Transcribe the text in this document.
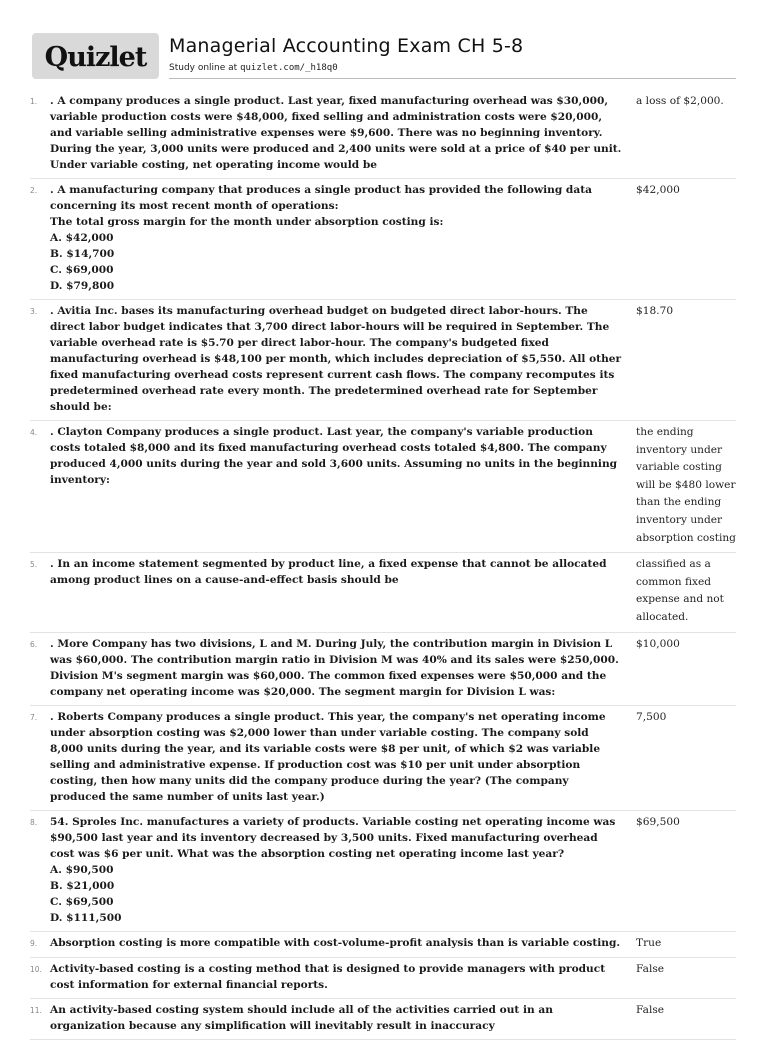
Quizlet	Managerial Accounting Exam CH 5-8
Study online at quizlet.com/_h18q0
1.	. A company produces a single product. Last year, fixed manufacturing overhead was $30,000, variable production costs were $48,000, fixed selling and administration costs were $20,000, and variable selling administrative expenses were $9,600. There was no beginning inventory. During the year, 3,000 units were produced and 2,400 units were sold at a price of $40 per unit. Under variable costing, net operating income would be
a loss of $2,000.
2.	. A manufacturing company that produces a single product has provided the following data concerning its most recent month of operations:
The total gross margin for the month under absorption costing is:
A. $42,000
B. $14,700
C. $69,000
D. $79,800
$42,000
3.	. Avitia Inc. bases its manufacturing overhead budget on budgeted direct labor-hours. The direct labor budget indicates that 3,700 direct labor-hours will be required in September. The variable overhead rate is $5.70 per direct labor-hour. The company's budgeted fixed manufacturing overhead is $48,100 per month, which includes depreciation of $5,550. All other fixed manufacturing overhead costs represent current cash flows. The company recomputes its predetermined overhead rate every month. The predetermined overhead rate for September should be:
$18.70
4.	. Clayton Company produces a single product. Last year, the company's variable production costs totaled $8,000 and its fixed manufacturing overhead costs totaled $4,800. The company produced 4,000 units during the year and sold 3,600 units. Assuming no units in the beginning inventory:
the ending inventory under variable costing will be $480 lower than the ending inventory under absorption costing
5.	. In an income statement segmented by product line, a fixed expense that cannot be allocated among product lines on a cause-and-effect basis should be
classified as a common fixed expense and not allocated.
6.	. More Company has two divisions, L and M. During July, the contribution margin in Division L was $60,000. The contribution margin ratio in Division M was 40% and its sales were $250,000. Division M's segment margin was $60,000. The common fixed expenses were $50,000 and the company net operating income was $20,000. The segment margin for Division L was:
$10,000
7.	. Roberts Company produces a single product. This year, the company's net operating income under absorption costing was $2,000 lower than under variable costing. The company sold 8,000 units during the year, and its variable costs were $8 per unit, of which $2 was variable selling and administrative expense. If production cost was $10 per unit under absorption costing, then how many units did the company produce during the year? (The company produced the same number of units last year.)
7,500
8.	54. Sproles Inc. manufactures a variety of products. Variable costing net operating income was $90,500 last year and its inventory decreased by 3,500 units. Fixed manufacturing overhead cost was $6 per unit. What was the absorption costing net operating income last year?
A. $90,500
B. $21,000
C. $69,500
D. $111,500
$69,500
9.	Absorption costing is more compatible with cost-volume-profit analysis than is variable costing.	True
10. Activity-based costing is a costing method that is designed to provide managers with product cost information for external financial reports.
False
11. An activity-based costing system should include all of the activities carried out in an organization because any simplification will inevitably result in inaccuracy
False
